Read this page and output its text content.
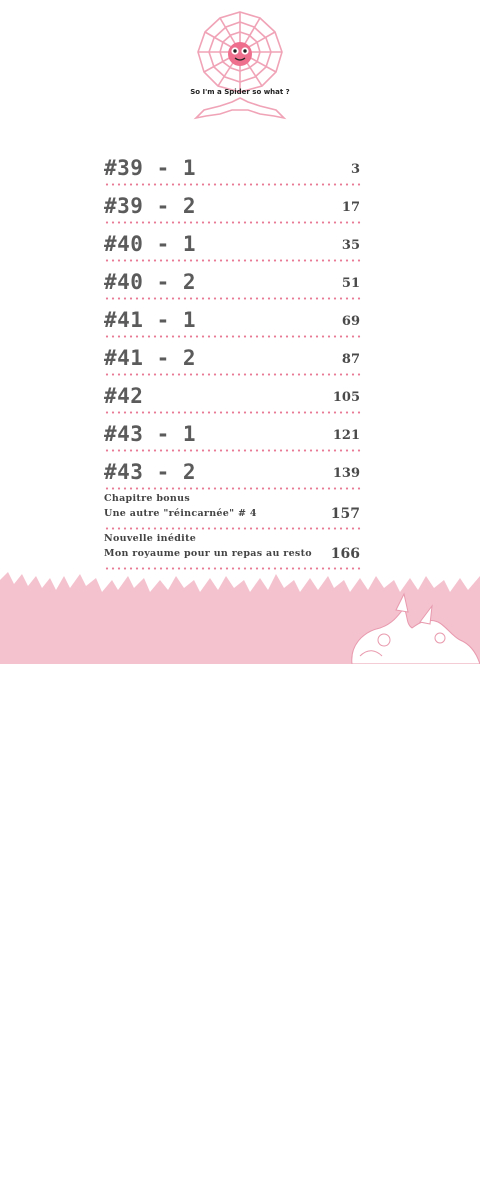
So I'm a Spider so what ?
#39 - 1	3
#39 - 2	17
#40 - 1	35
#40 - 2	51
#41 - 1	69
#41 - 2	87
#42	105
#43 - 1	121
#43 - 2	139
Chapitre bonus
Une autre "réincarnée" # 4	157
Nouvelle inédite
Mon royaume pour un repas au resto 166
SOMMAIRE
